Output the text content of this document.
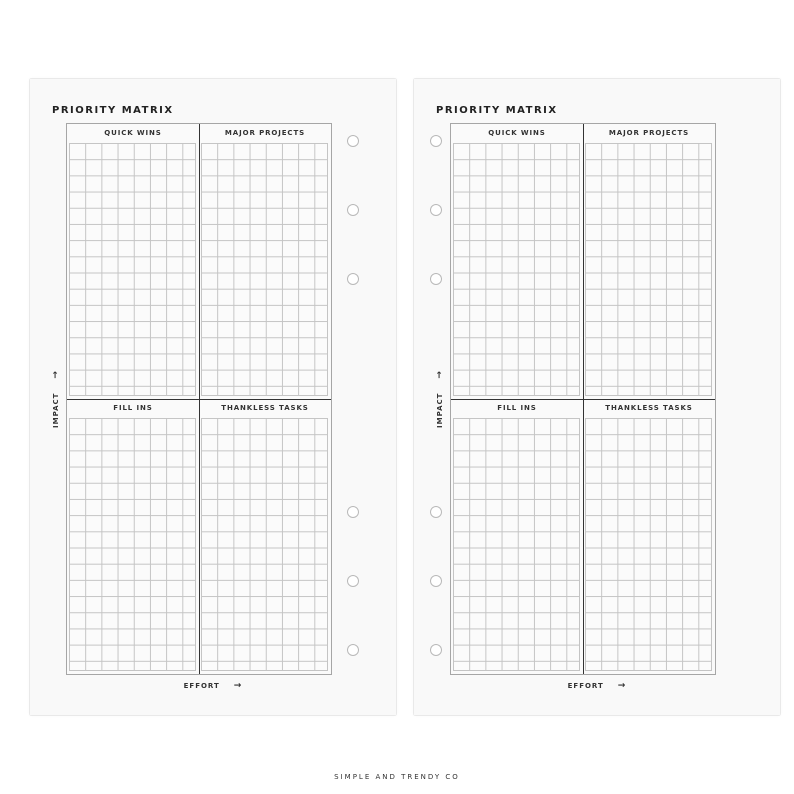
PRIORITY MATRIX
QUICK WINS	MAJOR PROJECTS
FILL INS	THANKLESS TASKS
IMPACT
→
EFFORT →
PRIORITY MATRIX
QUICK WINS	MAJOR PROJECTS
FILL INS	THANKLESS TASKS
IMPACT
→
EFFORT →
SIMPLE AND TRENDY CO
